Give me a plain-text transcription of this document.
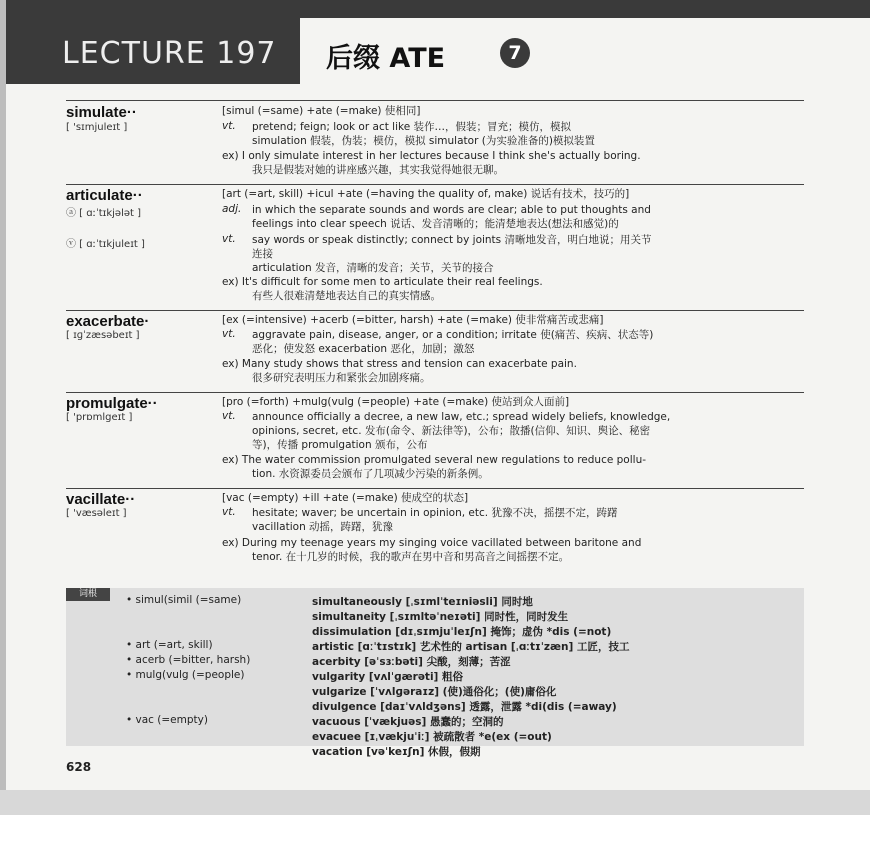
LECTURE 197 后缀 ATE	7
simulate··
[ 'sɪmjuleɪt ]
[simul (=same) +ate (=make) 使相同]
vt. pretend; feign; look or act like 装作…，假装；冒充；模仿，模拟
simulation 假装，伪装；模仿，模拟 simulator (为实验准备的)模拟装置
ex) I only simulate interest in her lectures because I think she's actually boring.
我只是假装对她的讲座感兴趣，其实我觉得她很无聊。
articulate··
ⓐ [ ɑːˈtɪkjələt ]
ⓥ [ ɑːˈtɪkjuleɪt ]
[art (=art, skill) +icul +ate (=having the quality of, make) 说话有技术，技巧的]
adj. in which the separate sounds and words are clear; able to put thoughts and
feelings into clear speech 说话、发音清晰的；能清楚地表达(想法和感觉)的
vt. say words or speak distinctly; connect by joints 清晰地发音，明白地说；用关节
连接
articulation 发音，清晰的发音；关节，关节的接合
ex) It's difficult for some men to articulate their real feelings.
有些人很难清楚地表达自己的真实情感。
exacerbate·
[ ɪɡˈzæsəbeɪt ]
[ex (=intensive) +acerb (=bitter, harsh) +ate (=make) 使非常痛苦或悲痛]
vt. aggravate pain, disease, anger, or a condition; irritate 使(痛苦、疾病、状态等)
恶化；使发怒 exacerbation 恶化，加剧；激怒
ex) Many study shows that stress and tension can exacerbate pain.
很多研究表明压力和紧张会加剧疼痛。
promulgate··
[ 'prɒmlgeɪt ]
[pro (=forth) +mulg(vulg (=people) +ate (=make) 使站到众人面前]
vt. announce officially a decree, a new law, etc.; spread widely beliefs, knowledge,
opinions, secret, etc. 发布(命令、新法律等)，公布；散播(信仰、知识、舆论、秘密
等)，传播 promulgation 颁布，公布
ex) The water commission promulgated several new regulations to reduce pollu-
tion. 水资源委员会颁布了几项减少污染的新条例。
vacillate··
[ 'væsəleɪt ]
[vac (=empty) +ill +ate (=make) 使成空的状态]
vt. hesitate; waver; be uncertain in opinion, etc. 犹豫不决，摇摆不定，踌躇
vacillation 动摇，踌躇，犹豫
ex) During my teenage years my singing voice vacillated between baritone and
tenor. 在十几岁的时候，我的歌声在男中音和男高音之间摇摆不定。
词根	• simul(simil (=same)	simultaneously [ˌsɪmlˈteɪniəsli] 同时地
simultaneity [ˌsɪmltəˈneɪəti] 同时性，同时发生
dissimulation [dɪˌsɪmjuˈleɪʃn] 掩饰；虚伪 *dis (=not)
• art (=art, skill)	artistic [ɑːˈtɪstɪk] 艺术性的 artisan [ˌɑːtɪˈzæn] 工匠，技工
• acerb (=bitter, harsh)	acerbity [əˈsɜːbəti] 尖酸，刻薄；苦涩
• mulg(vulg (=people)	vulgarity [vʌlˈɡærəti] 粗俗
vulgarize [ˈvʌlɡəraɪz] (使)通俗化；(使)庸俗化
divulgence [daɪˈvʌldʒəns] 透露，泄露 *di(dis (=away)
• vac (=empty)	vacuous [ˈvækjuəs] 愚蠢的；空洞的
evacuee [ɪˌvækjuˈiː] 被疏散者 *e(ex (=out)
vacation [vəˈkeɪʃn] 休假，假期
628
